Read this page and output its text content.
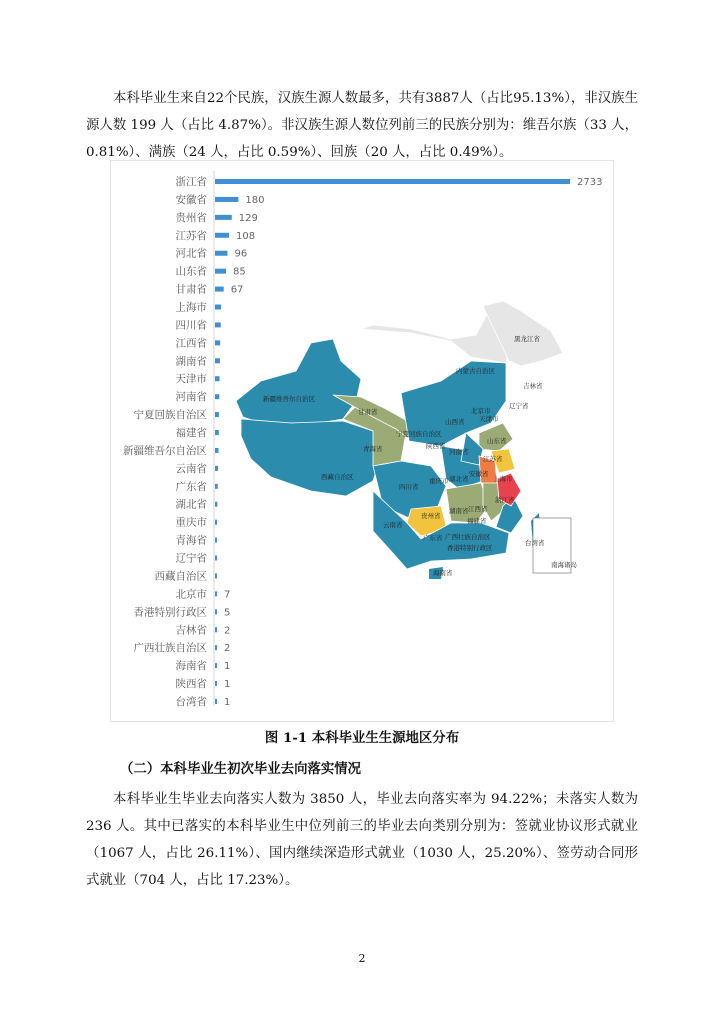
本科毕业生来自22个民族，汉族生源人数最多，共有3887人（占比95.13%），非汉族生源人数 199 人（占比 4.87%）。非汉族生源人数位列前三的民族分别为：维吾尔族（33 人，0.81%）、满族（24 人，占比 0.59%）、回族（20 人，占比 0.49%）。

黑龙江省
内蒙古自治区
吉林省
辽宁省
新疆维吾尔自治区
甘肃省	北京市
天津市
山西省
宁夏回族自治区
山东省
青海省	陕西省
河南省
江苏省
安徽省
上海市
西藏自治区
四川省
湖北省
重庆市
浙江省
湖南省 江西省
贵州省
福建省
云南省
广东省
台湾省
广西壮族自治区
香港特别行政区
海南省
南海诸岛
浙江省	2733
安徽省	180
贵州省	129
江苏省	108
河北省	96
山东省	85
甘肃省 67
上海市
四川省
江西省
湖南省
天津市
河南省
宁夏回族自治区
福建省
新疆维吾尔自治区
云南省
广东省
湖北省
重庆市
青海省
辽宁省
西藏自治区
北京市 7
香港特别行政区 5
吉林省 2
广西壮族自治区 2
海南省 1
陕西省 1
台湾省 1
图 1-1 本科毕业生生源地区分布
（二）本科毕业生初次毕业去向落实情况

本科毕业生毕业去向落实人数为 3850 人，毕业去向落实率为 94.22%；未落实人数为 236 人。其中已落实的本科毕业生中位列前三的毕业去向类别分别为：签就业协议形式就业（1067 人，占比 26.11%）、国内继续深造形式就业（1030 人，25.20%）、签劳动合同形式就业（704 人，占比 17.23%）。

2
